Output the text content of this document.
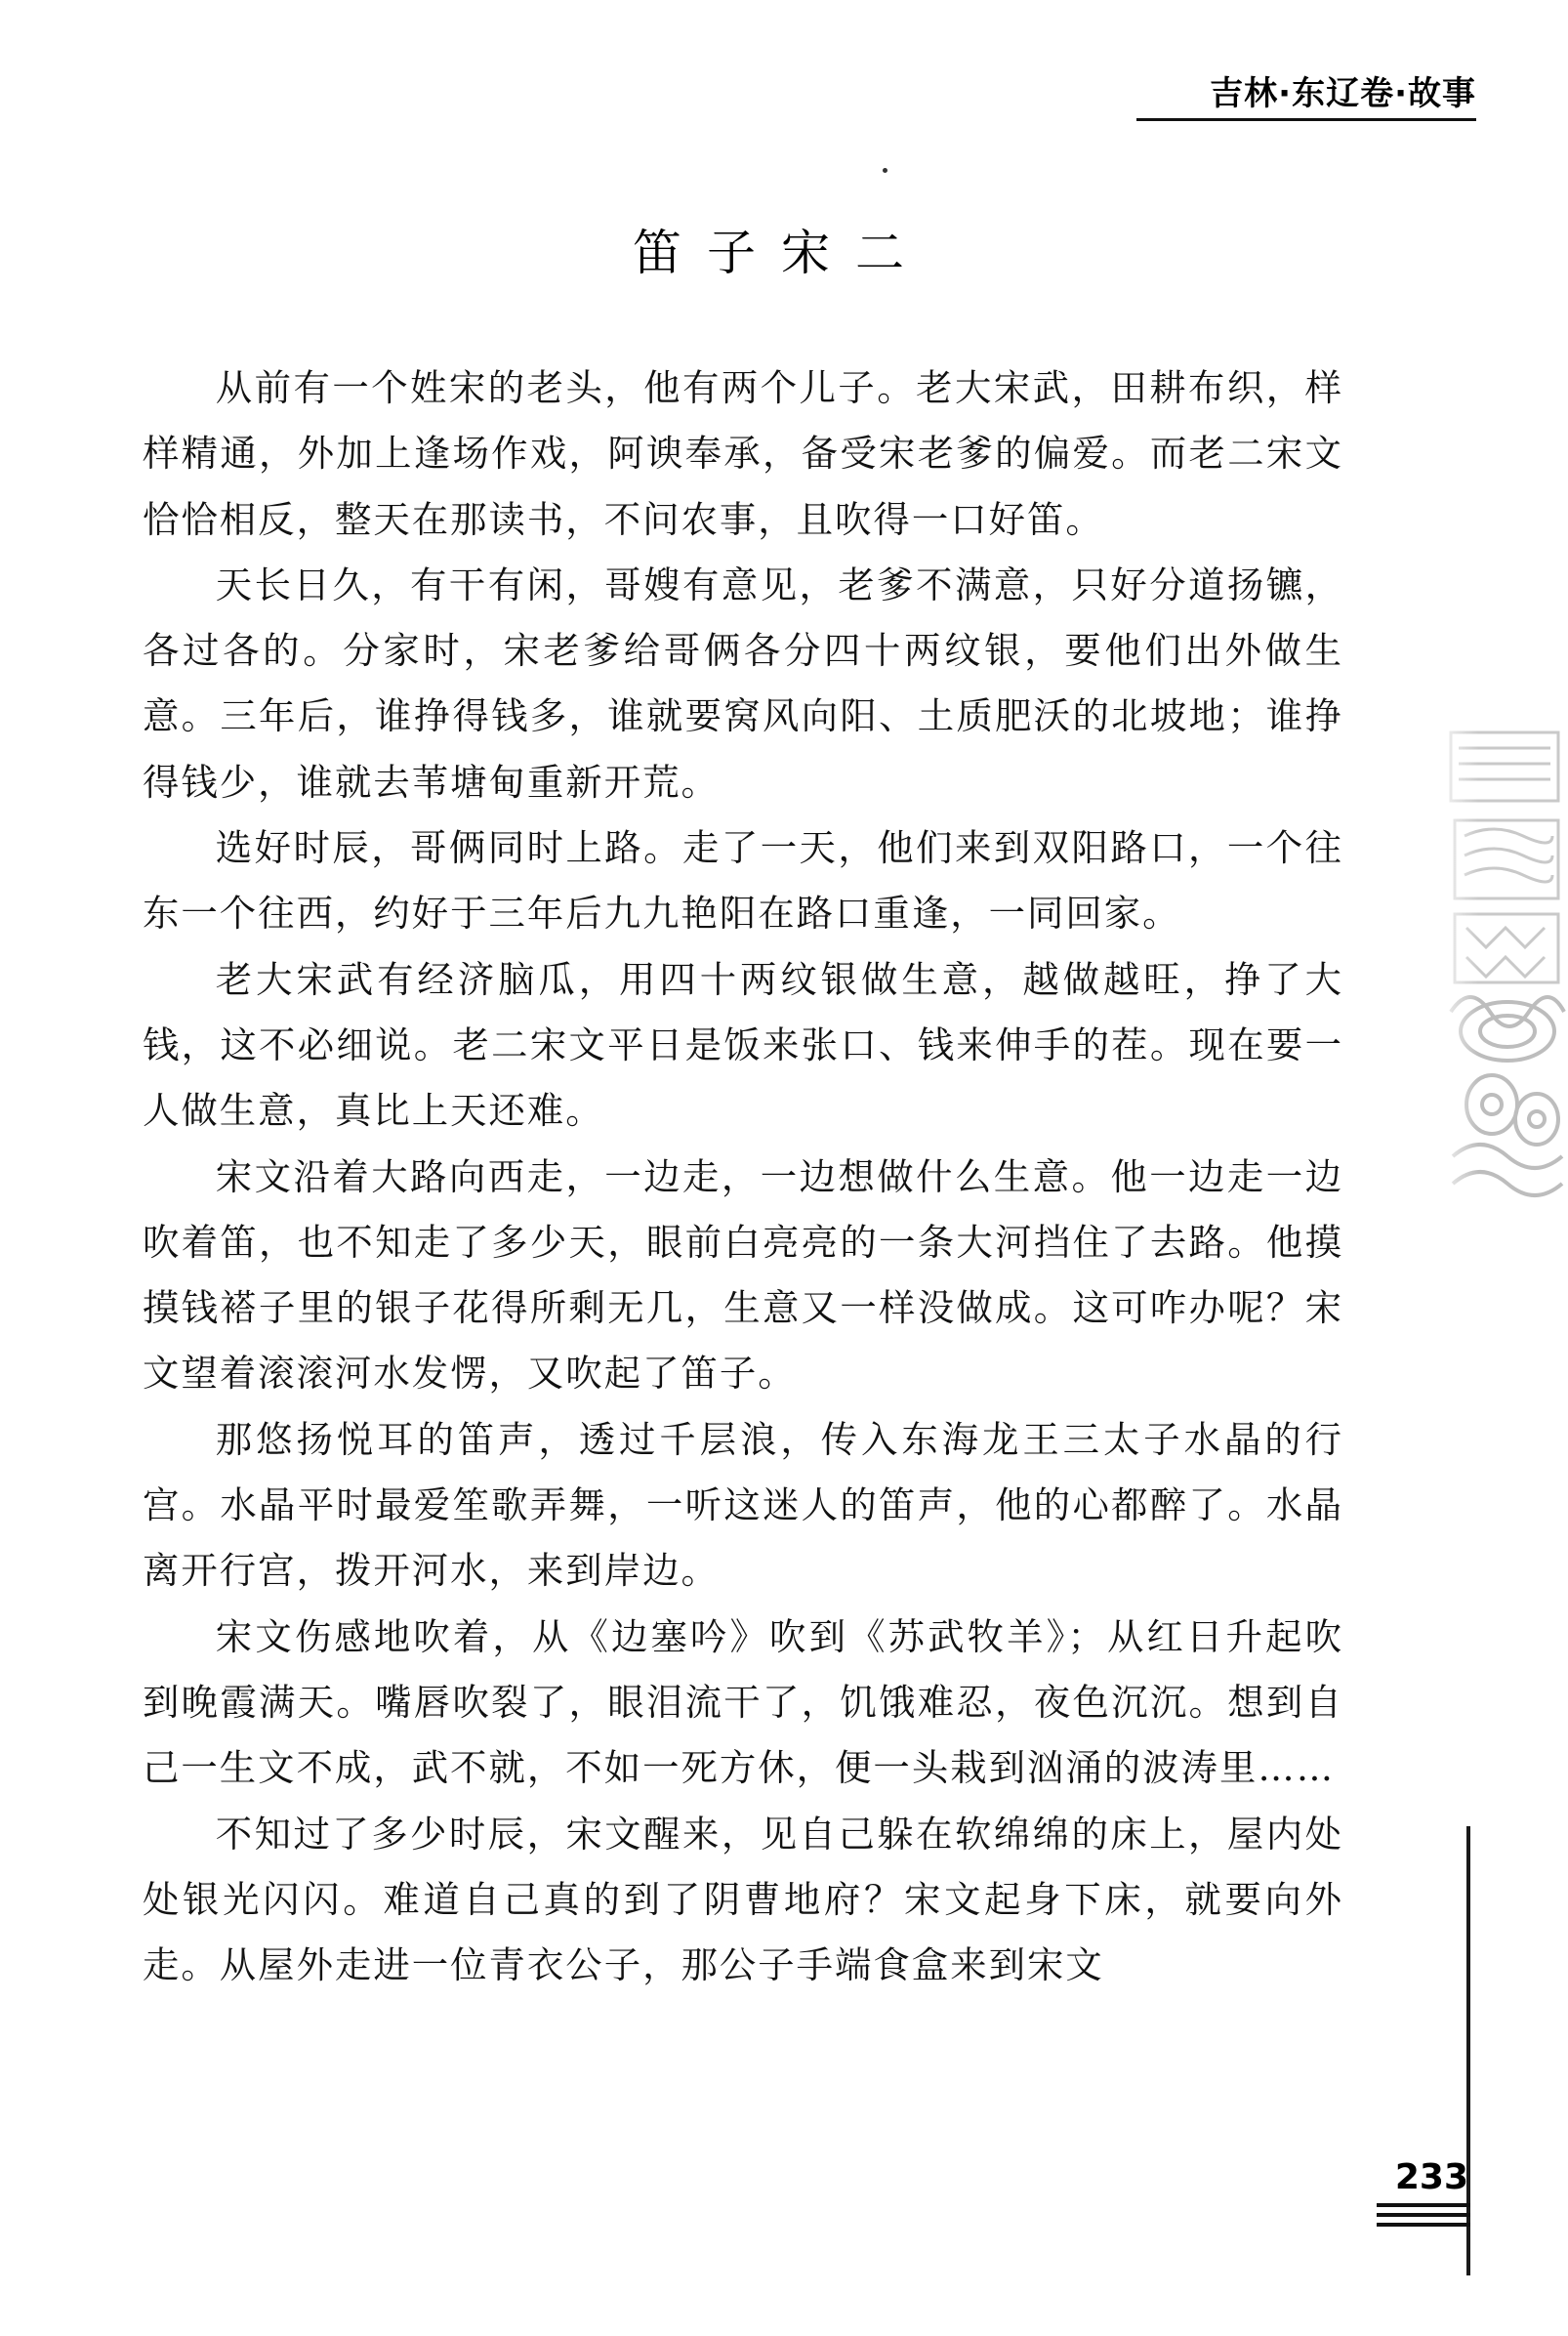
吉林·东辽卷·故事
笛子宋二

从前有一个姓宋的老头，他有两个儿子。老大宋武，田耕布织，样样精通，外加上逢场作戏，阿谀奉承，备受宋老爹的偏爱。而老二宋文恰恰相反，整天在那读书，不问农事，且吹得一口好笛。

天长日久，有干有闲，哥嫂有意见，老爹不满意，只好分道扬镳，各过各的。分家时，宋老爹给哥俩各分四十两纹银，要他们出外做生意。三年后，谁挣得钱多，谁就要窝风向阳、土质肥沃的北坡地；谁挣得钱少，谁就去苇塘甸重新开荒。

选好时辰，哥俩同时上路。走了一天，他们来到双阳路口，一个往东一个往西，约好于三年后九九艳阳在路口重逢，一同回家。

老大宋武有经济脑瓜，用四十两纹银做生意，越做越旺，挣了大钱，这不必细说。老二宋文平日是饭来张口、钱来伸手的茬。现在要一人做生意，真比上天还难。

宋文沿着大路向西走，一边走，一边想做什么生意。他一边走一边吹着笛，也不知走了多少天，眼前白亮亮的一条大河挡住了去路。他摸摸钱褡子里的银子花得所剩无几，生意又一样没做成。这可咋办呢？宋文望着滚滚河水发愣，又吹起了笛子。

那悠扬悦耳的笛声，透过千层浪，传入东海龙王三太子水晶的行宫。水晶平时最爱笙歌弄舞，一听这迷人的笛声，他的心都醉了。水晶离开行宫，拨开河水，来到岸边。

宋文伤感地吹着，从《边塞吟》吹到《苏武牧羊》；从红日升起吹到晚霞满天。嘴唇吹裂了，眼泪流干了，饥饿难忍，夜色沉沉。想到自己一生文不成，武不就，不如一死方休，便一头栽到汹涌的波涛里……

不知过了多少时辰，宋文醒来，见自己躲在软绵绵的床上，屋内处处银光闪闪。难道自己真的到了阴曹地府？宋文起身下床，就要向外走。从屋外走进一位青衣公子，那公子手端食盒来到宋文

233
